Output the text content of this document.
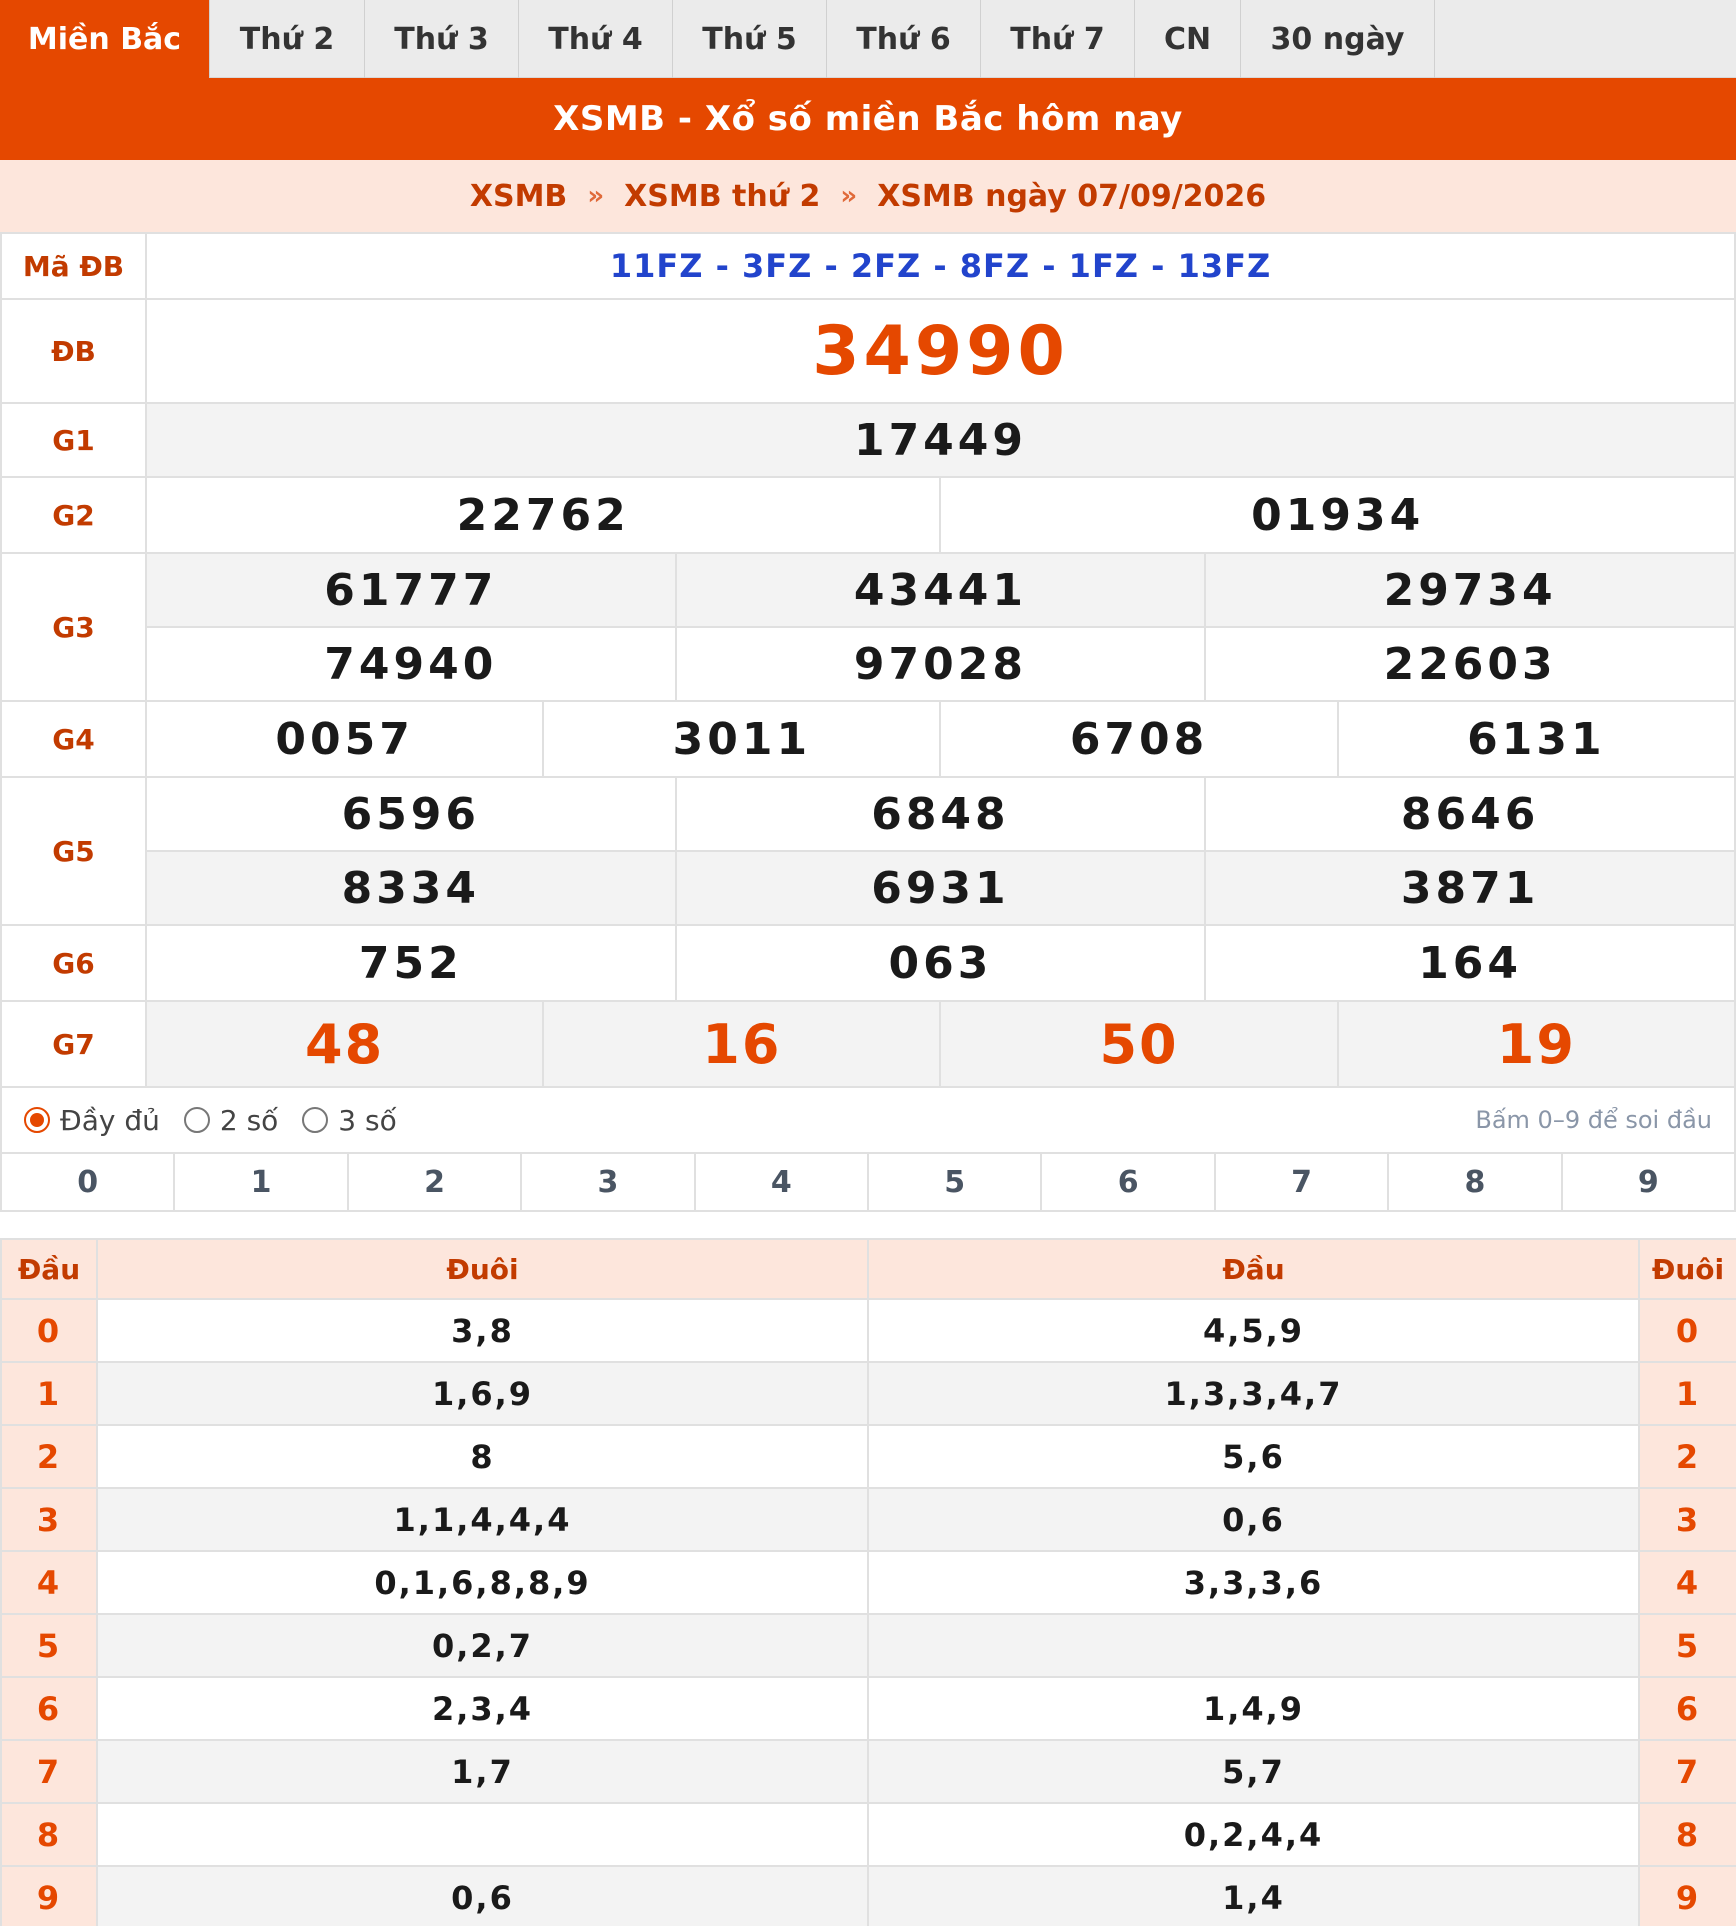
Miền Bắc	Thứ 2	Thứ 3	Thứ 4	Thứ 5	Thứ 6	Thứ 7	CN	30 ngày
XSMB - Xổ số miền Bắc hôm nay
XSMB » XSMB thứ 2 » XSMB ngày 07/09/2026
Mã ĐB	11FZ - 3FZ - 2FZ - 8FZ - 1FZ - 13FZ					
ĐB	34990					
G1	17449					
G2	22762			01934		
G3	61777		43441		29734	
	74940		97028		22603	
G4	0057	3011		6708		6131
G5	6596		6848		8646	
	8334		6931		3871	
G6	752		063		164	
G7	48	16		50		19
Đầy đủ 2 số 3 số	Bấm 0–9 để soi đầu
0	1	2	3	4	5	6	7	8	9
Đầu	Đuôi	Đầu	Đuôi
0	3,8	4,5,9	0
1	1,6,9	1,3,3,4,7	1
2	8	5,6	2
3	1,1,4,4,4	0,6	3
4	0,1,6,8,8,9	3,3,3,6	4
5	0,2,7		5
6	2,3,4	1,4,9	6
7	1,7	5,7	7
8		0,2,4,4	8
9	0,6	1,4	9
